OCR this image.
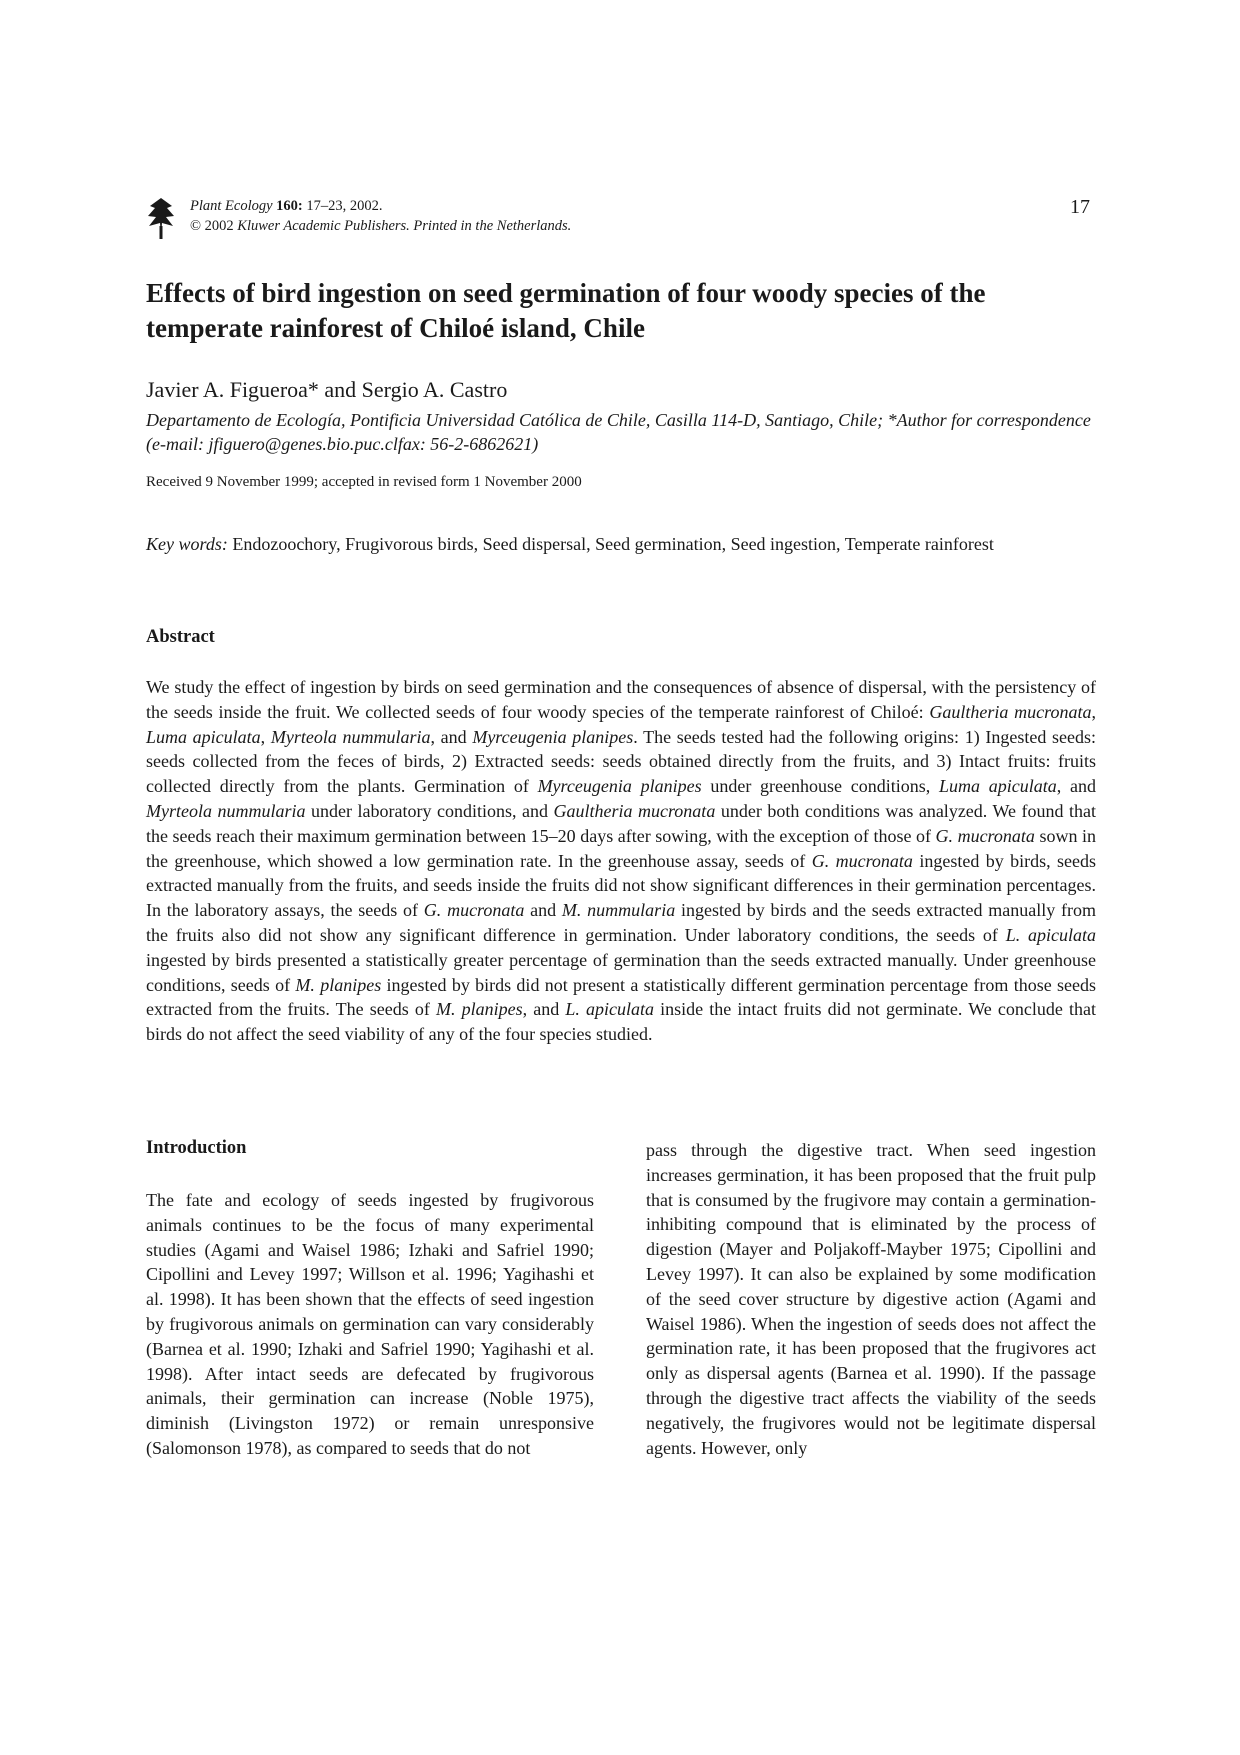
Plant Ecology 160: 17–23, 2002.
© 2002 Kluwer Academic Publishers. Printed in the Netherlands.
17
Effects of bird ingestion on seed germination of four woody species of the temperate rainforest of Chiloé island, Chile
Javier A. Figueroa* and Sergio A. Castro
Departamento de Ecología, Pontificia Universidad Católica de Chile, Casilla 114-D, Santiago, Chile; *Author for correspondence (e-mail: jfiguero@genes.bio.puc.clfax: 56-2-6862621)
Received 9 November 1999; accepted in revised form 1 November 2000
Key words: Endozoochory, Frugivorous birds, Seed dispersal, Seed germination, Seed ingestion, Temperate rainforest
Abstract
We study the effect of ingestion by birds on seed germination and the consequences of absence of dispersal, with the persistency of the seeds inside the fruit. We collected seeds of four woody species of the temperate rainforest of Chiloé: Gaultheria mucronata, Luma apiculata, Myrteola nummularia, and Myrceugenia planipes. The seeds tested had the following origins: 1) Ingested seeds: seeds collected from the feces of birds, 2) Extracted seeds: seeds obtained directly from the fruits, and 3) Intact fruits: fruits collected directly from the plants. Germination of Myrceugenia planipes under greenhouse conditions, Luma apiculata, and Myrteola nummularia under laboratory conditions, and Gaultheria mucronata under both conditions was analyzed. We found that the seeds reach their maximum germination between 15–20 days after sowing, with the exception of those of G. mucronata sown in the greenhouse, which showed a low germination rate. In the greenhouse assay, seeds of G. mucronata ingested by birds, seeds extracted manually from the fruits, and seeds inside the fruits did not show significant differences in their germination percentages. In the laboratory assays, the seeds of G. mucronata and M. nummularia ingested by birds and the seeds extracted manually from the fruits also did not show any significant difference in germination. Under laboratory conditions, the seeds of L. apiculata ingested by birds presented a statistically greater percentage of germination than the seeds extracted manually. Under greenhouse conditions, seeds of M. planipes ingested by birds did not present a statistically different germination percentage from those seeds extracted from the fruits. The seeds of M. planipes, and L. apiculata inside the intact fruits did not germinate. We conclude that birds do not affect the seed viability of any of the four species studied.
Introduction
The fate and ecology of seeds ingested by frugivorous animals continues to be the focus of many experimental studies (Agami and Waisel 1986; Izhaki and Safriel 1990; Cipollini and Levey 1997; Willson et al. 1996; Yagihashi et al. 1998). It has been shown that the effects of seed ingestion by frugivorous animals on germination can vary considerably (Barnea et al. 1990; Izhaki and Safriel 1990; Yagihashi et al. 1998). After intact seeds are defecated by frugivorous animals, their germination can increase (Noble 1975), diminish (Livingston 1972) or remain unresponsive (Salomonson 1978), as compared to seeds that do not
pass through the digestive tract. When seed ingestion increases germination, it has been proposed that the fruit pulp that is consumed by the frugivore may contain a germination-inhibiting compound that is eliminated by the process of digestion (Mayer and Poljakoff-Mayber 1975; Cipollini and Levey 1997). It can also be explained by some modification of the seed cover structure by digestive action (Agami and Waisel 1986). When the ingestion of seeds does not affect the germination rate, it has been proposed that the frugivores act only as dispersal agents (Barnea et al. 1990). If the passage through the digestive tract affects the viability of the seeds negatively, the frugivores would not be legitimate dispersal agents. However, only
